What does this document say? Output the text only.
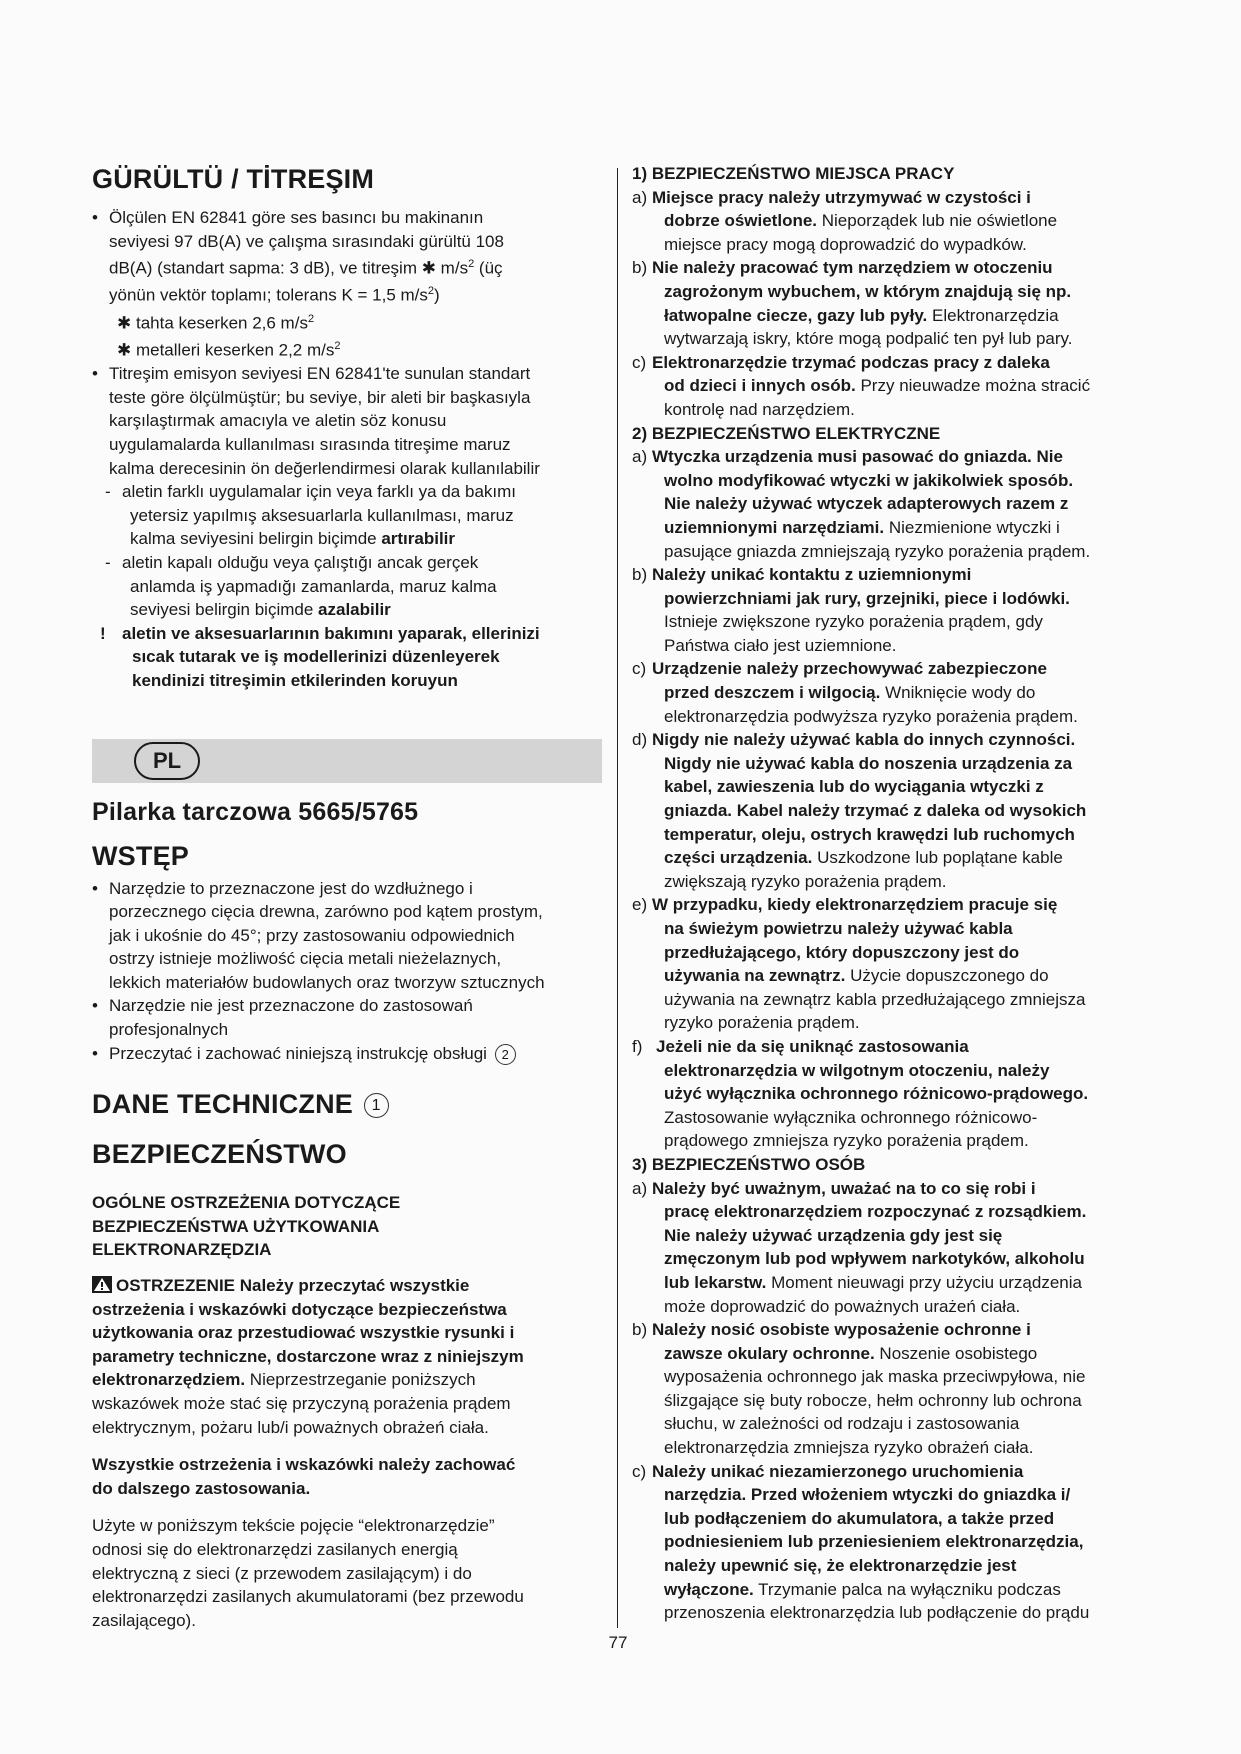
GÜRÜLTÜ / TİTREŞIM
• Ölçülen EN 62841 göre ses basıncı bu makinanın
seviyesi 97 dB(A) ve çalışma sırasındaki gürültü 108
dB(A) (standart sapma: 3 dB), ve titreşim ✱ $m/s^2$ (üç
yönün vektör toplamı; tolerans K = 1,5 $m/s^2$)
✱ tahta keserken 2,6 $m/s^2$
✱ metalleri keserken 2,2 $m/s^2$
• Titreşim emisyon seviyesi EN 62841'te sunulan standart
teste göre ölçülmüştür; bu seviye, bir aleti bir başkasıyla
karşılaştırmak amacıyla ve aletin söz konusu
uygulamalarda kullanılması sırasında titreşime maruz
kalma derecesinin ön değerlendirmesi olarak kullanılabilir
- aletin farklı uygulamalar için veya farklı ya da bakımı
yetersiz yapılmış aksesuarlarla kullanılması, maruz
kalma seviyesini belirgin biçimde artırabilir
- aletin kapalı olduğu veya çalıştığı ancak gerçek
anlamda iş yapmadığı zamanlarda, maruz kalma
seviyesi belirgin biçimde azalabilir
! aletin ve aksesuarlarının bakımını yaparak, ellerinizi
sıcak tutarak ve iş modellerinizi düzenleyerek
kendinizi titreşimin etkilerinden koruyun
PL
Pilarka tarczowa 5665/5765
WSTĘP
• Narzędzie to przeznaczone jest do wzdłużnego i
porzecznego cięcia drewna, zarówno pod kątem prostym,
jak i ukośnie do 45°; przy zastosowaniu odpowiednich
ostrzy istnieje możliwość cięcia metali nieżelaznych,
lekkich materiałów budowlanych oraz tworzyw sztucznych
• Narzędzie nie jest przeznaczone do zastosowań
profesjonalnych
• Przeczytać i zachować niniejszą instrukcję obsługi 2
DANE TECHNICZNE 1
BEZPIECZEŃSTWO
OGÓLNE OSTRZEŻENIA DOTYCZĄCE
BEZPIECZEŃSTWA UŻYTKOWANIA
ELEKTRONARZĘDZIA
OSTRZEZENIE Należy przeczytać wszystkie
ostrzeżenia i wskazówki dotyczące bezpieczeństwa
użytkowania oraz przestudiować wszystkie rysunki i
parametry techniczne, dostarczone wraz z niniejszym
elektronarzędziem. Nieprzestrzeganie poniższych
wskazówek może stać się przyczyną porażenia prądem
elektrycznym, pożaru lub/i poważnych obrażeń ciała.
Wszystkie ostrzeżenia i wskazówki należy zachować
do dalszego zastosowania.
Użyte w poniższym tekście pojęcie “elektronarzędzie”
odnosi się do elektronarzędzi zasilanych energią
elektryczną z sieci (z przewodem zasilającym) i do
elektronarzędzi zasilanych akumulatorami (bez przewodu
zasilającego).
1) BEZPIECZEŃSTWO MIEJSCA PRACY
a) Miejsce pracy należy utrzymywać w czystości i
dobrze oświetlone. Nieporządek lub nie oświetlone
miejsce pracy mogą doprowadzić do wypadków.
b) Nie należy pracować tym narzędziem w otoczeniu
zagrożonym wybuchem, w którym znajdują się np.
łatwopalne ciecze, gazy lub pyły. Elektronarzędzia
wytwarzają iskry, które mogą podpalić ten pył lub pary.
c) Elektronarzędzie trzymać podczas pracy z daleka
od dzieci i innych osób. Przy nieuwadze można stracić
kontrolę nad narzędziem.
2) BEZPIECZEŃSTWO ELEKTRYCZNE
a) Wtyczka urządzenia musi pasować do gniazda. Nie
wolno modyfikować wtyczki w jakikolwiek sposób.
Nie należy używać wtyczek adapterowych razem z
uziemnionymi narzędziami. Niezmienione wtyczki i
pasujące gniazda zmniejszają ryzyko porażenia prądem.
b) Należy unikać kontaktu z uziemnionymi
powierzchniami jak rury, grzejniki, piece i lodówki.
Istnieje zwiększone ryzyko porażenia prądem, gdy
Państwa ciało jest uziemnione.
c) Urządzenie należy przechowywać zabezpieczone
przed deszczem i wilgocią. Wniknięcie wody do
elektronarzędzia podwyższa ryzyko porażenia prądem.
d) Nigdy nie należy używać kabla do innych czynności.
Nigdy nie używać kabla do noszenia urządzenia za
kabel, zawieszenia lub do wyciągania wtyczki z
gniazda. Kabel należy trzymać z daleka od wysokich
temperatur, oleju, ostrych krawędzi lub ruchomych
części urządzenia. Uszkodzone lub poplątane kable
zwiększają ryzyko porażenia prądem.
e) W przypadku, kiedy elektronarzędziem pracuje się
na świeżym powietrzu należy używać kabla
przedłużającego, który dopuszczony jest do
używania na zewnątrz. Użycie dopuszczonego do
używania na zewnątrz kabla przedłużającego zmniejsza
ryzyko porażenia prądem.
f) Jeżeli nie da się uniknąć zastosowania
elektronarzędzia w wilgotnym otoczeniu, należy
użyć wyłącznika ochronnego różnicowo-prądowego.
Zastosowanie wyłącznika ochronnego różnicowo-
prądowego zmniejsza ryzyko porażenia prądem.
3) BEZPIECZEŃSTWO OSÓB
a) Należy być uważnym, uważać na to co się robi i
pracę elektronarzędziem rozpoczynać z rozsądkiem.
Nie należy używać urządzenia gdy jest się
zmęczonym lub pod wpływem narkotyków, alkoholu
lub lekarstw. Moment nieuwagi przy użyciu urządzenia
może doprowadzić do poważnych urażeń ciała.
b) Należy nosić osobiste wyposażenie ochronne i
zawsze okulary ochronne. Noszenie osobistego
wyposażenia ochronnego jak maska przeciwpyłowa, nie
ślizgające się buty robocze, hełm ochronny lub ochrona
słuchu, w zależności od rodzaju i zastosowania
elektronarzędzia zmniejsza ryzyko obrażeń ciała.
c) Należy unikać niezamierzonego uruchomienia
narzędzia. Przed włożeniem wtyczki do gniazdka i/
lub podłączeniem do akumulatora, a także przed
podniesieniem lub przeniesieniem elektronarzędzia,
należy upewnić się, że elektronarzędzie jest
wyłączone. Trzymanie palca na wyłączniku podczas
przenoszenia elektronarzędzia lub podłączenie do prądu
77
